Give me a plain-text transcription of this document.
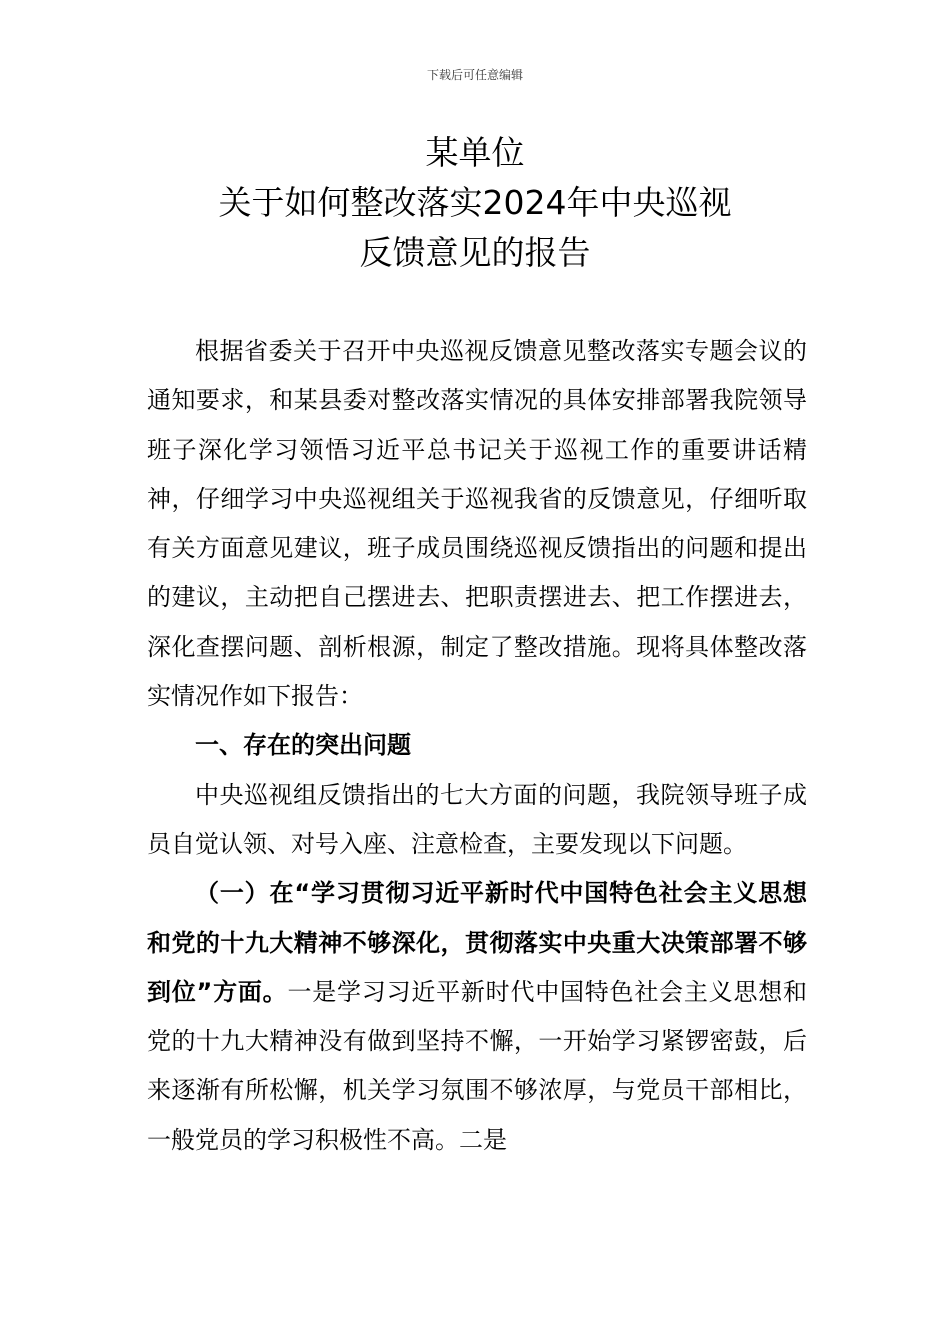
下载后可任意编辑
某单位
关于如何整改落实2024年中央巡视
反馈意见的报告

根据省委关于召开中央巡视反馈意见整改落实专题会议的通知要求，和某县委对整改落实情况的具体安排部署我院领导班子深化学习领悟习近平总书记关于巡视工作的重要讲话精神，仔细学习中央巡视组关于巡视我省的反馈意见，仔细听取有关方面意见建议，班子成员围绕巡视反馈指出的问题和提出的建议，主动把自己摆进去、把职责摆进去、把工作摆进去，深化查摆问题、剖析根源，制定了整改措施。现将具体整改落实情况作如下报告：

一、存在的突出问题

中央巡视组反馈指出的七大方面的问题，我院领导班子成员自觉认领、对号入座、注意检查，主要发现以下问题。

（一）在“学习贯彻习近平新时代中国特色社会主义思想和党的十九大精神不够深化，贯彻落实中央重大决策部署不够到位”方面。一是学习习近平新时代中国特色社会主义思想和党的十九大精神没有做到坚持不懈，一开始学习紧锣密鼓，后来逐渐有所松懈，机关学习氛围不够浓厚，与党员干部相比，一般党员的学习积极性不高。二是
